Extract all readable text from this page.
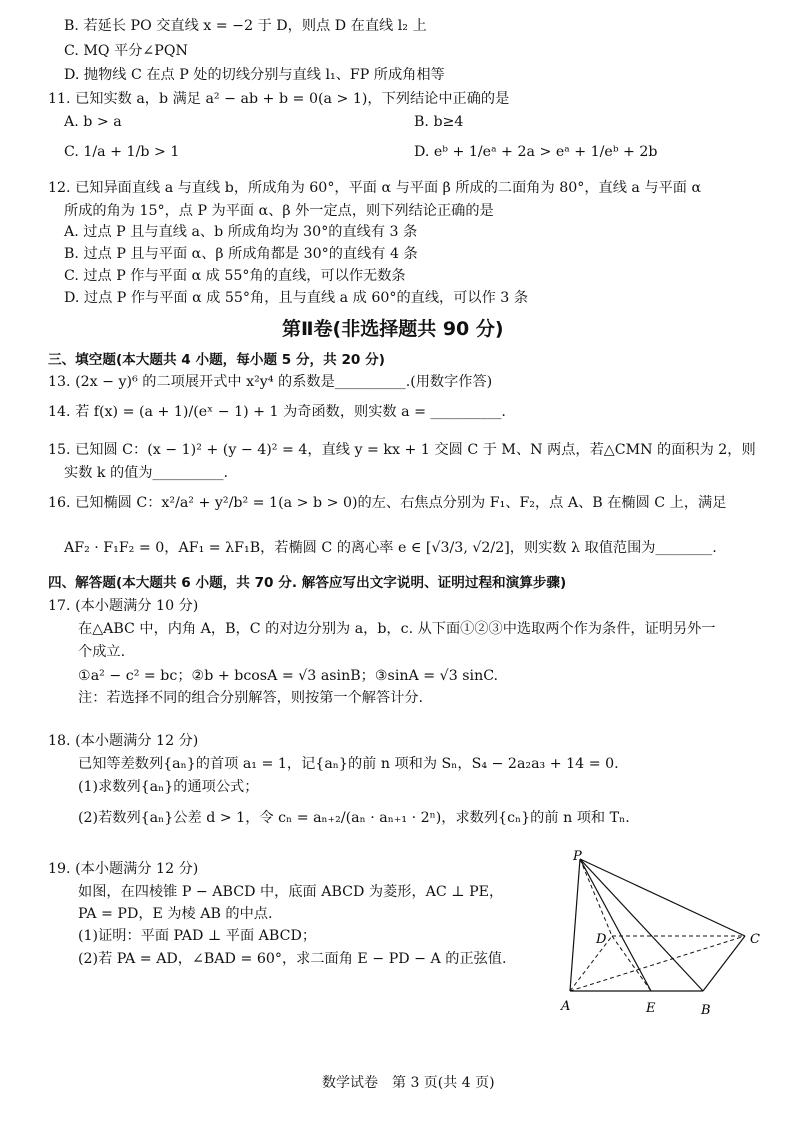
B. 若延长 PO 交直线 x = −2 于 D，则点 D 在直线 l₂ 上
C. MQ 平分∠PQN
D. 抛物线 C 在点 P 处的切线分别与直线 l₁、FP 所成角相等
11. 已知实数 a，b 满足 a² − ab + b = 0(a > 1)，下列结论中正确的是
A. b > a	B. b≥4
C. 1/a + 1/b > 1	D. eᵇ + 1/eᵃ + 2a > eᵃ + 1/eᵇ + 2b
12. 已知异面直线 a 与直线 b，所成角为 60°，平面 α 与平面 β 所成的二面角为 80°，直线 a 与平面 α
所成的角为 15°，点 P 为平面 α、β 外一定点，则下列结论正确的是
A. 过点 P 且与直线 a、b 所成角均为 30°的直线有 3 条
B. 过点 P 且与平面 α、β 所成角都是 30°的直线有 4 条
C. 过点 P 作与平面 α 成 55°角的直线，可以作无数条
D. 过点 P 作与平面 α 成 55°角，且与直线 a 成 60°的直线，可以作 3 条
第Ⅱ卷(非选择题共 90 分)
三、填空题(本大题共 4 小题，每小题 5 分，共 20 分)
13. (2x − y)⁶ 的二项展开式中 x²y⁴ 的系数是__________.(用数字作答)
14. 若 f(x) = (a + 1)/(eˣ − 1) + 1 为奇函数，则实数 a = __________.
15. 已知圆 C：(x − 1)² + (y − 4)² = 4，直线 y = kx + 1 交圆 C 于 M、N 两点，若△CMN 的面积为 2，则
实数 k 的值为__________.
16. 已知椭圆 C：x²/a² + y²/b² = 1(a > b > 0)的左、右焦点分别为 F₁、F₂，点 A、B 在椭圆 C 上，满足
AF₂ · F₁F₂ = 0，AF₁ = λF₁B，若椭圆 C 的离心率 e ∈ [√3/3, √2/2]，则实数 λ 取值范围为________.
四、解答题(本大题共 6 小题，共 70 分. 解答应写出文字说明、证明过程和演算步骤)
17. (本小题满分 10 分)
在△ABC 中，内角 A，B，C 的对边分别为 a，b，c. 从下面①②③中选取两个作为条件，证明另外一
个成立.
①a² − c² = bc；②b + bcosA = √3 asinB；③sinA = √3 sinC.
注：若选择不同的组合分别解答，则按第一个解答计分.
18. (本小题满分 12 分)
已知等差数列{aₙ}的首项 a₁ = 1，记{aₙ}的前 n 项和为 Sₙ，S₄ − 2a₂a₃ + 14 = 0.
(1)求数列{aₙ}的通项公式；
(2)若数列{aₙ}公差 d > 1，令 cₙ = aₙ₊₂/(aₙ · aₙ₊₁ · 2ⁿ)，求数列{cₙ}的前 n 项和 Tₙ.
19. (本小题满分 12 分)
如图，在四棱锥 P − ABCD 中，底面 ABCD 为菱形，AC ⊥ PE，
PA = PD，E 为棱 AB 的中点.
(1)证明：平面 PAD ⊥ 平面 ABCD；
(2)若 PA = AD，∠BAD = 60°，求二面角 E − PD − A 的正弦值.
P
A	B
C
D
E
数学试卷　第 3 页(共 4 页)
